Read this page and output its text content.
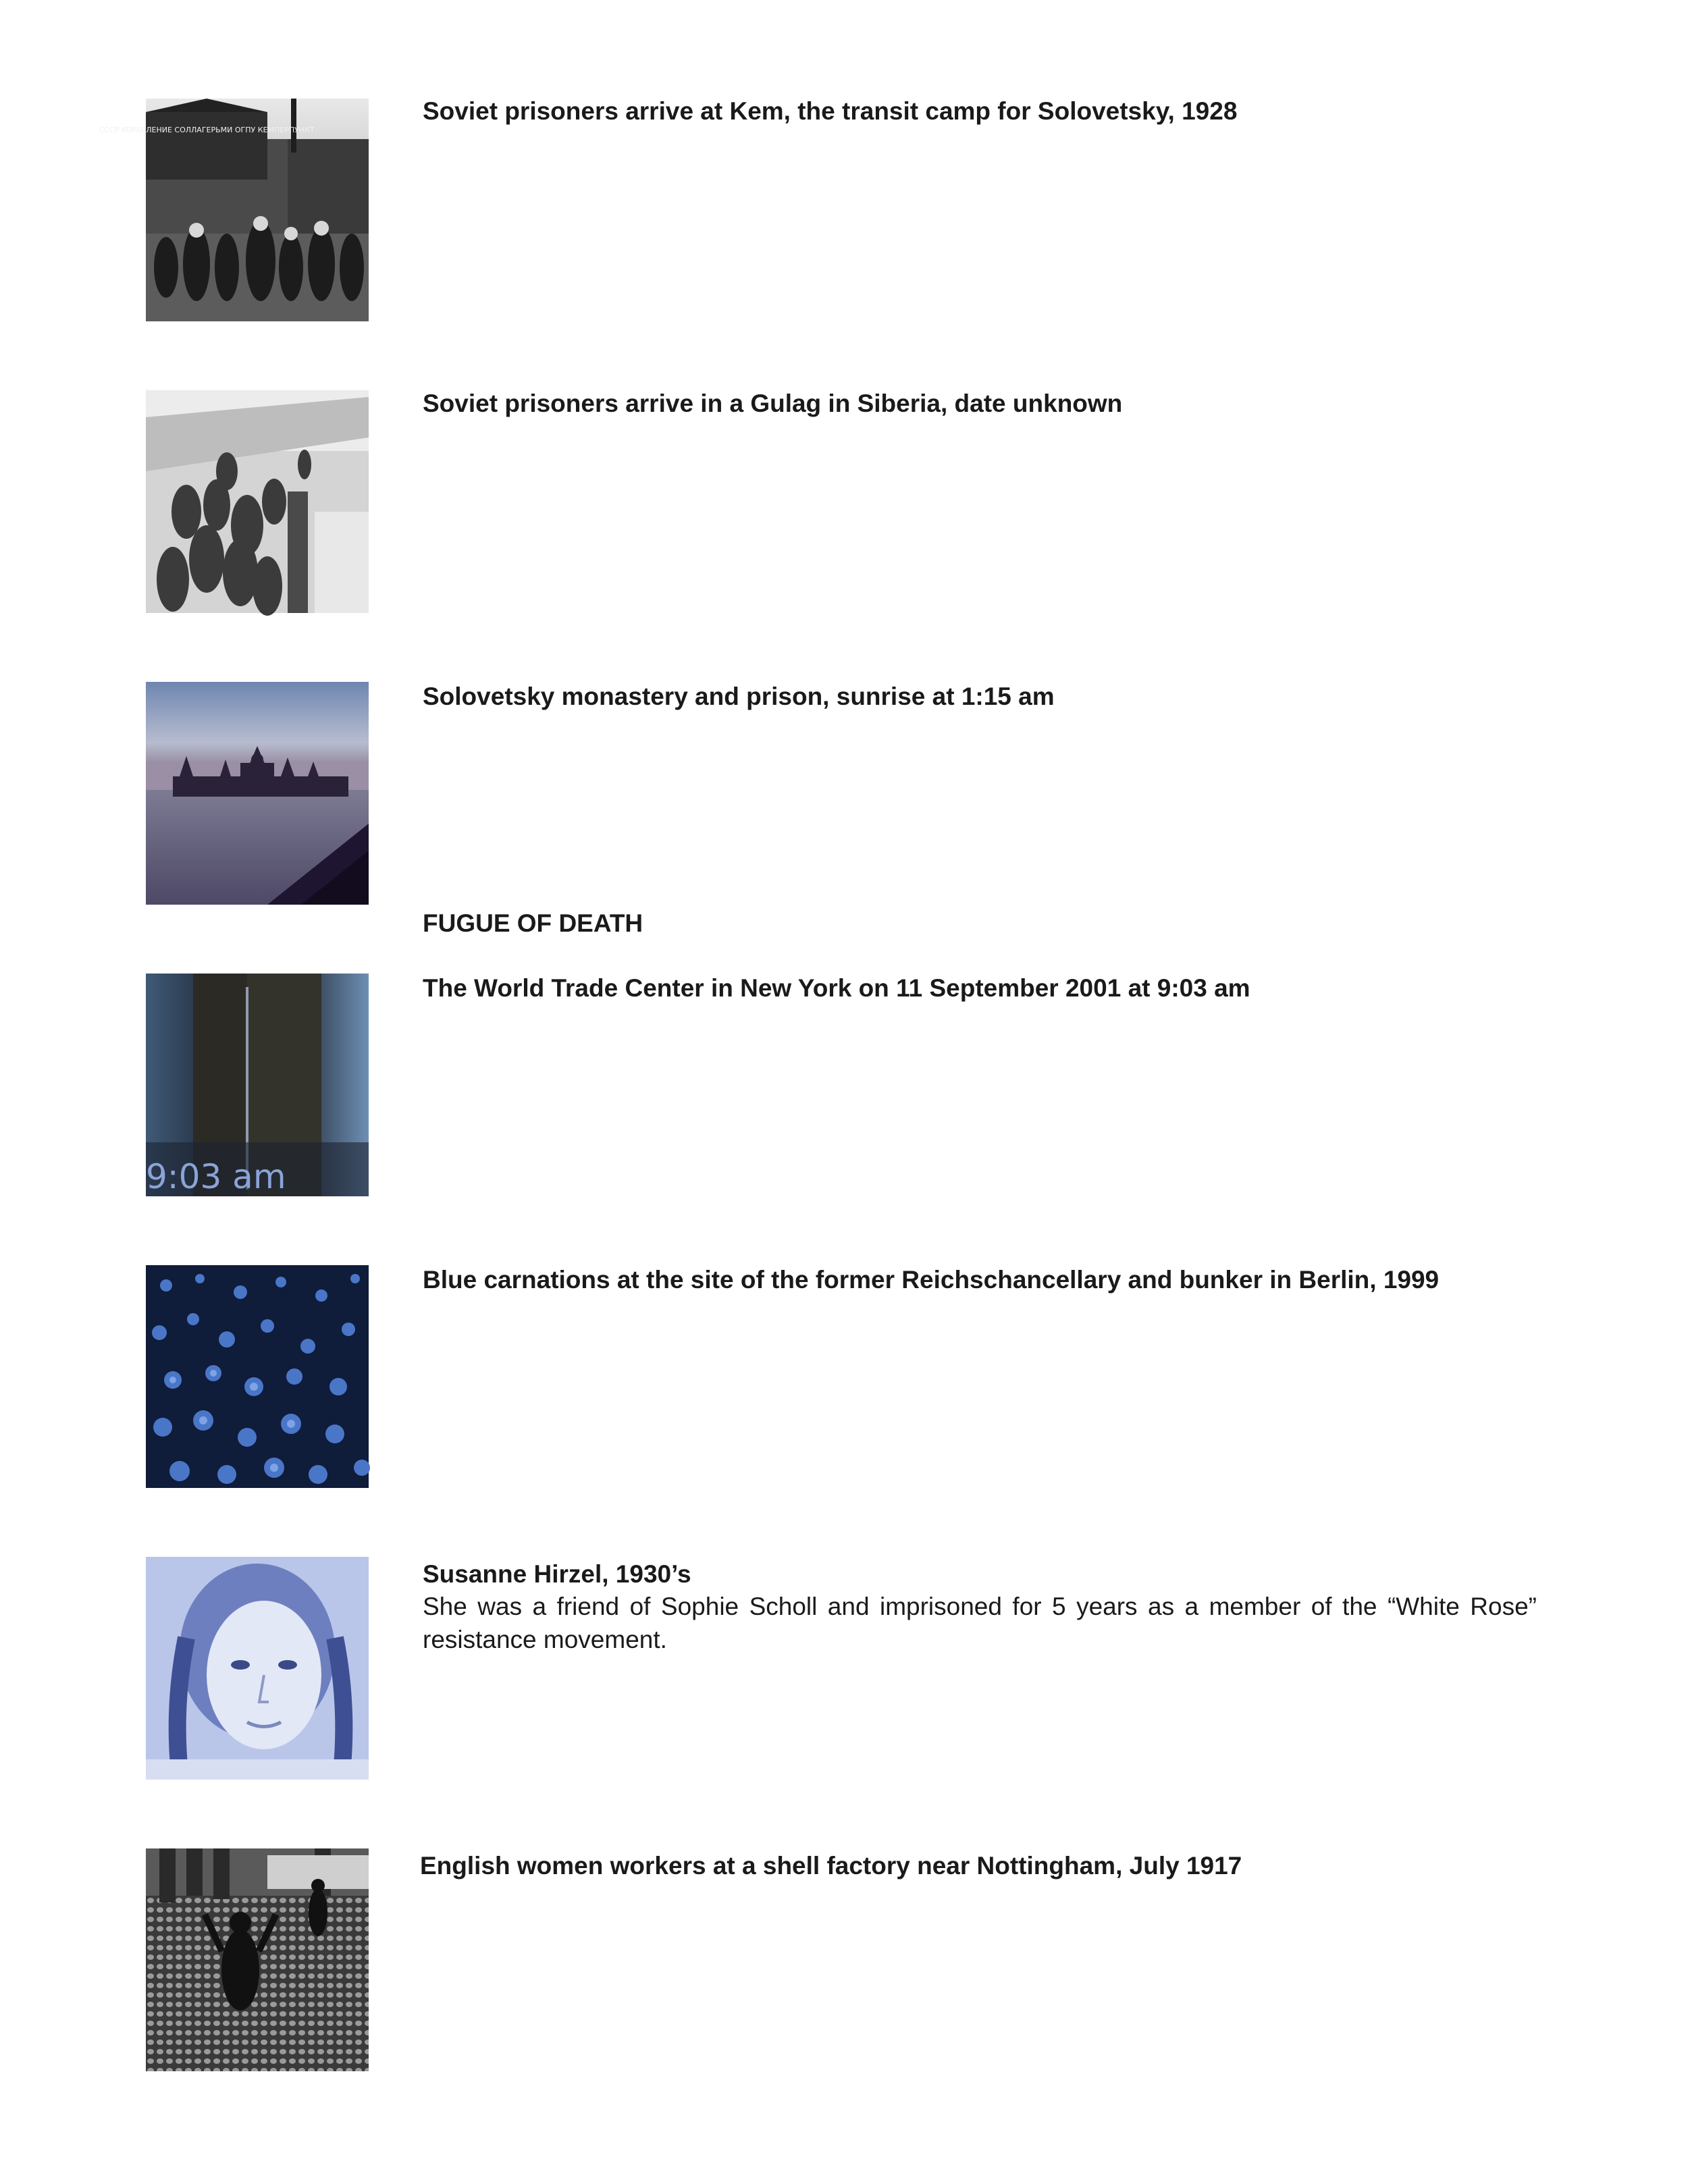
СССР УПРАВЛЕНИЕ СОЛЛАГЕРЬМИ ОГПУ КЕМПЕРПУНКТ

Soviet prisoners arrive at Kem, the transit camp for Solovetsky, 1928

Soviet prisoners arrive in a Gulag in Siberia, date unknown

Solovetsky monastery and prison, sunrise at 1:15 am

FUGUE OF DEATH

9:03 am

The World Trade Center in New York on 11 September 2001 at 9:03 am

Blue carnations at the site of the former Reichschancellary and bunker in Berlin, 1999

Susanne Hirzel, 1930’s

She was a friend of Sophie Scholl and imprisoned for 5 years as a member of the “White Rose” resistance movement.

English women workers at a shell factory near Nottingham, July 1917
